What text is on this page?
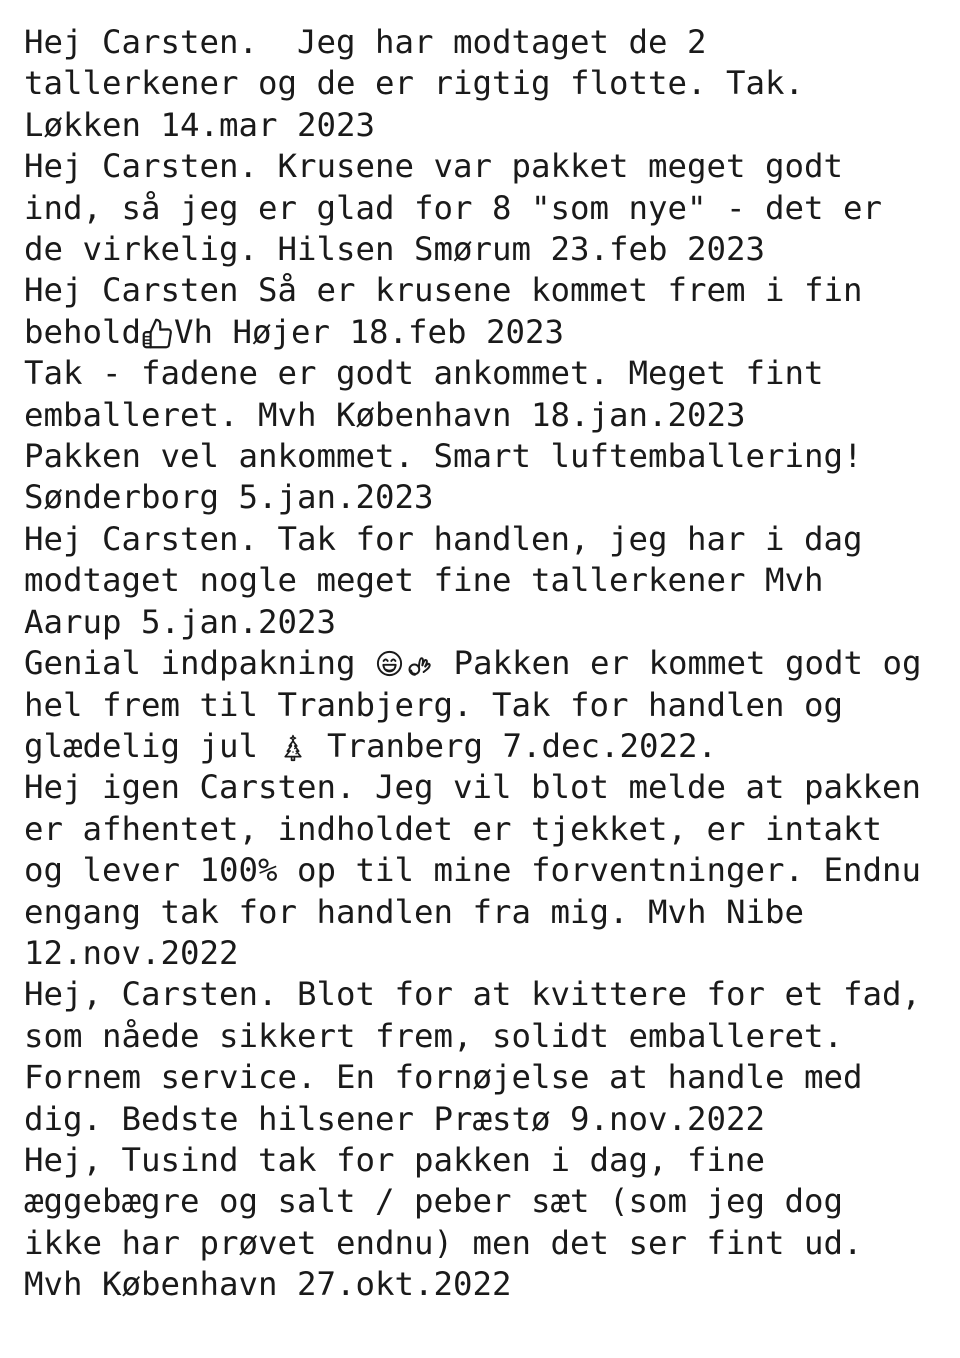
Hej Carsten.  Jeg har modtaget de 2 tallerkener og de er rigtig flotte. Tak. Løkken 14.mar 2023

Hej Carsten. Krusene var pakket meget godt ind, så jeg er glad for 8 "som nye" - det er de virkelig. Hilsen Smørum 23.feb 2023

Hej Carsten Så er krusene kommet frem i fin behold Vh Højer 18.feb 2023

Tak - fadene er godt ankommet. Meget fint emballeret. Mvh København 18.jan.2023

Pakken vel ankommet. Smart luftemballering! Sønderborg 5.jan.2023

Hej Carsten. Tak for handlen, jeg har i dag modtaget nogle meget fine tallerkener Mvh Aarup 5.jan.2023

Genial indpakning  Pakken er kommet godt og hel frem til Tranbjerg. Tak for handlen og glædelig jul  Tranberg 7.dec.2022.

Hej igen Carsten. Jeg vil blot melde at pakken er afhentet, indholdet er tjekket, er intakt og lever 100% op til mine forventninger. Endnu engang tak for handlen fra mig. Mvh Nibe 12.nov.2022

Hej, Carsten. Blot for at kvittere for et fad, som nåede sikkert frem, solidt emballeret. Fornem service. En fornøjelse at handle med dig. Bedste hilsener Præstø 9.nov.2022

Hej, Tusind tak for pakken i dag, fine æggebægre og salt / peber sæt (som jeg dog ikke har prøvet endnu) men det ser fint ud. Mvh København 27.okt.2022
